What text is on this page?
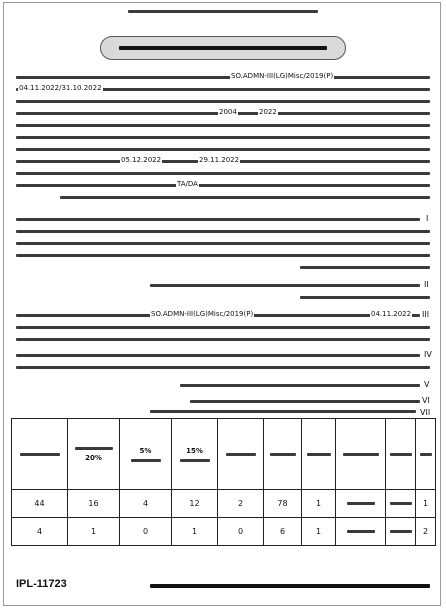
SO.ADMN-III(LG)Misc/2019(P)
04.11.2022/31.10.2022
2004	2022
29.11.2022
05.12.2022
TA/DA
I
II
III
SO.ADMN-III(LG)Misc/2019(P)	04.11.2022
IV
V
VI
VII

	20%	5%	15%						

44	16	4	12	2	78	1			1
4	1	0	1	0	6	1			2
IPL-11723
